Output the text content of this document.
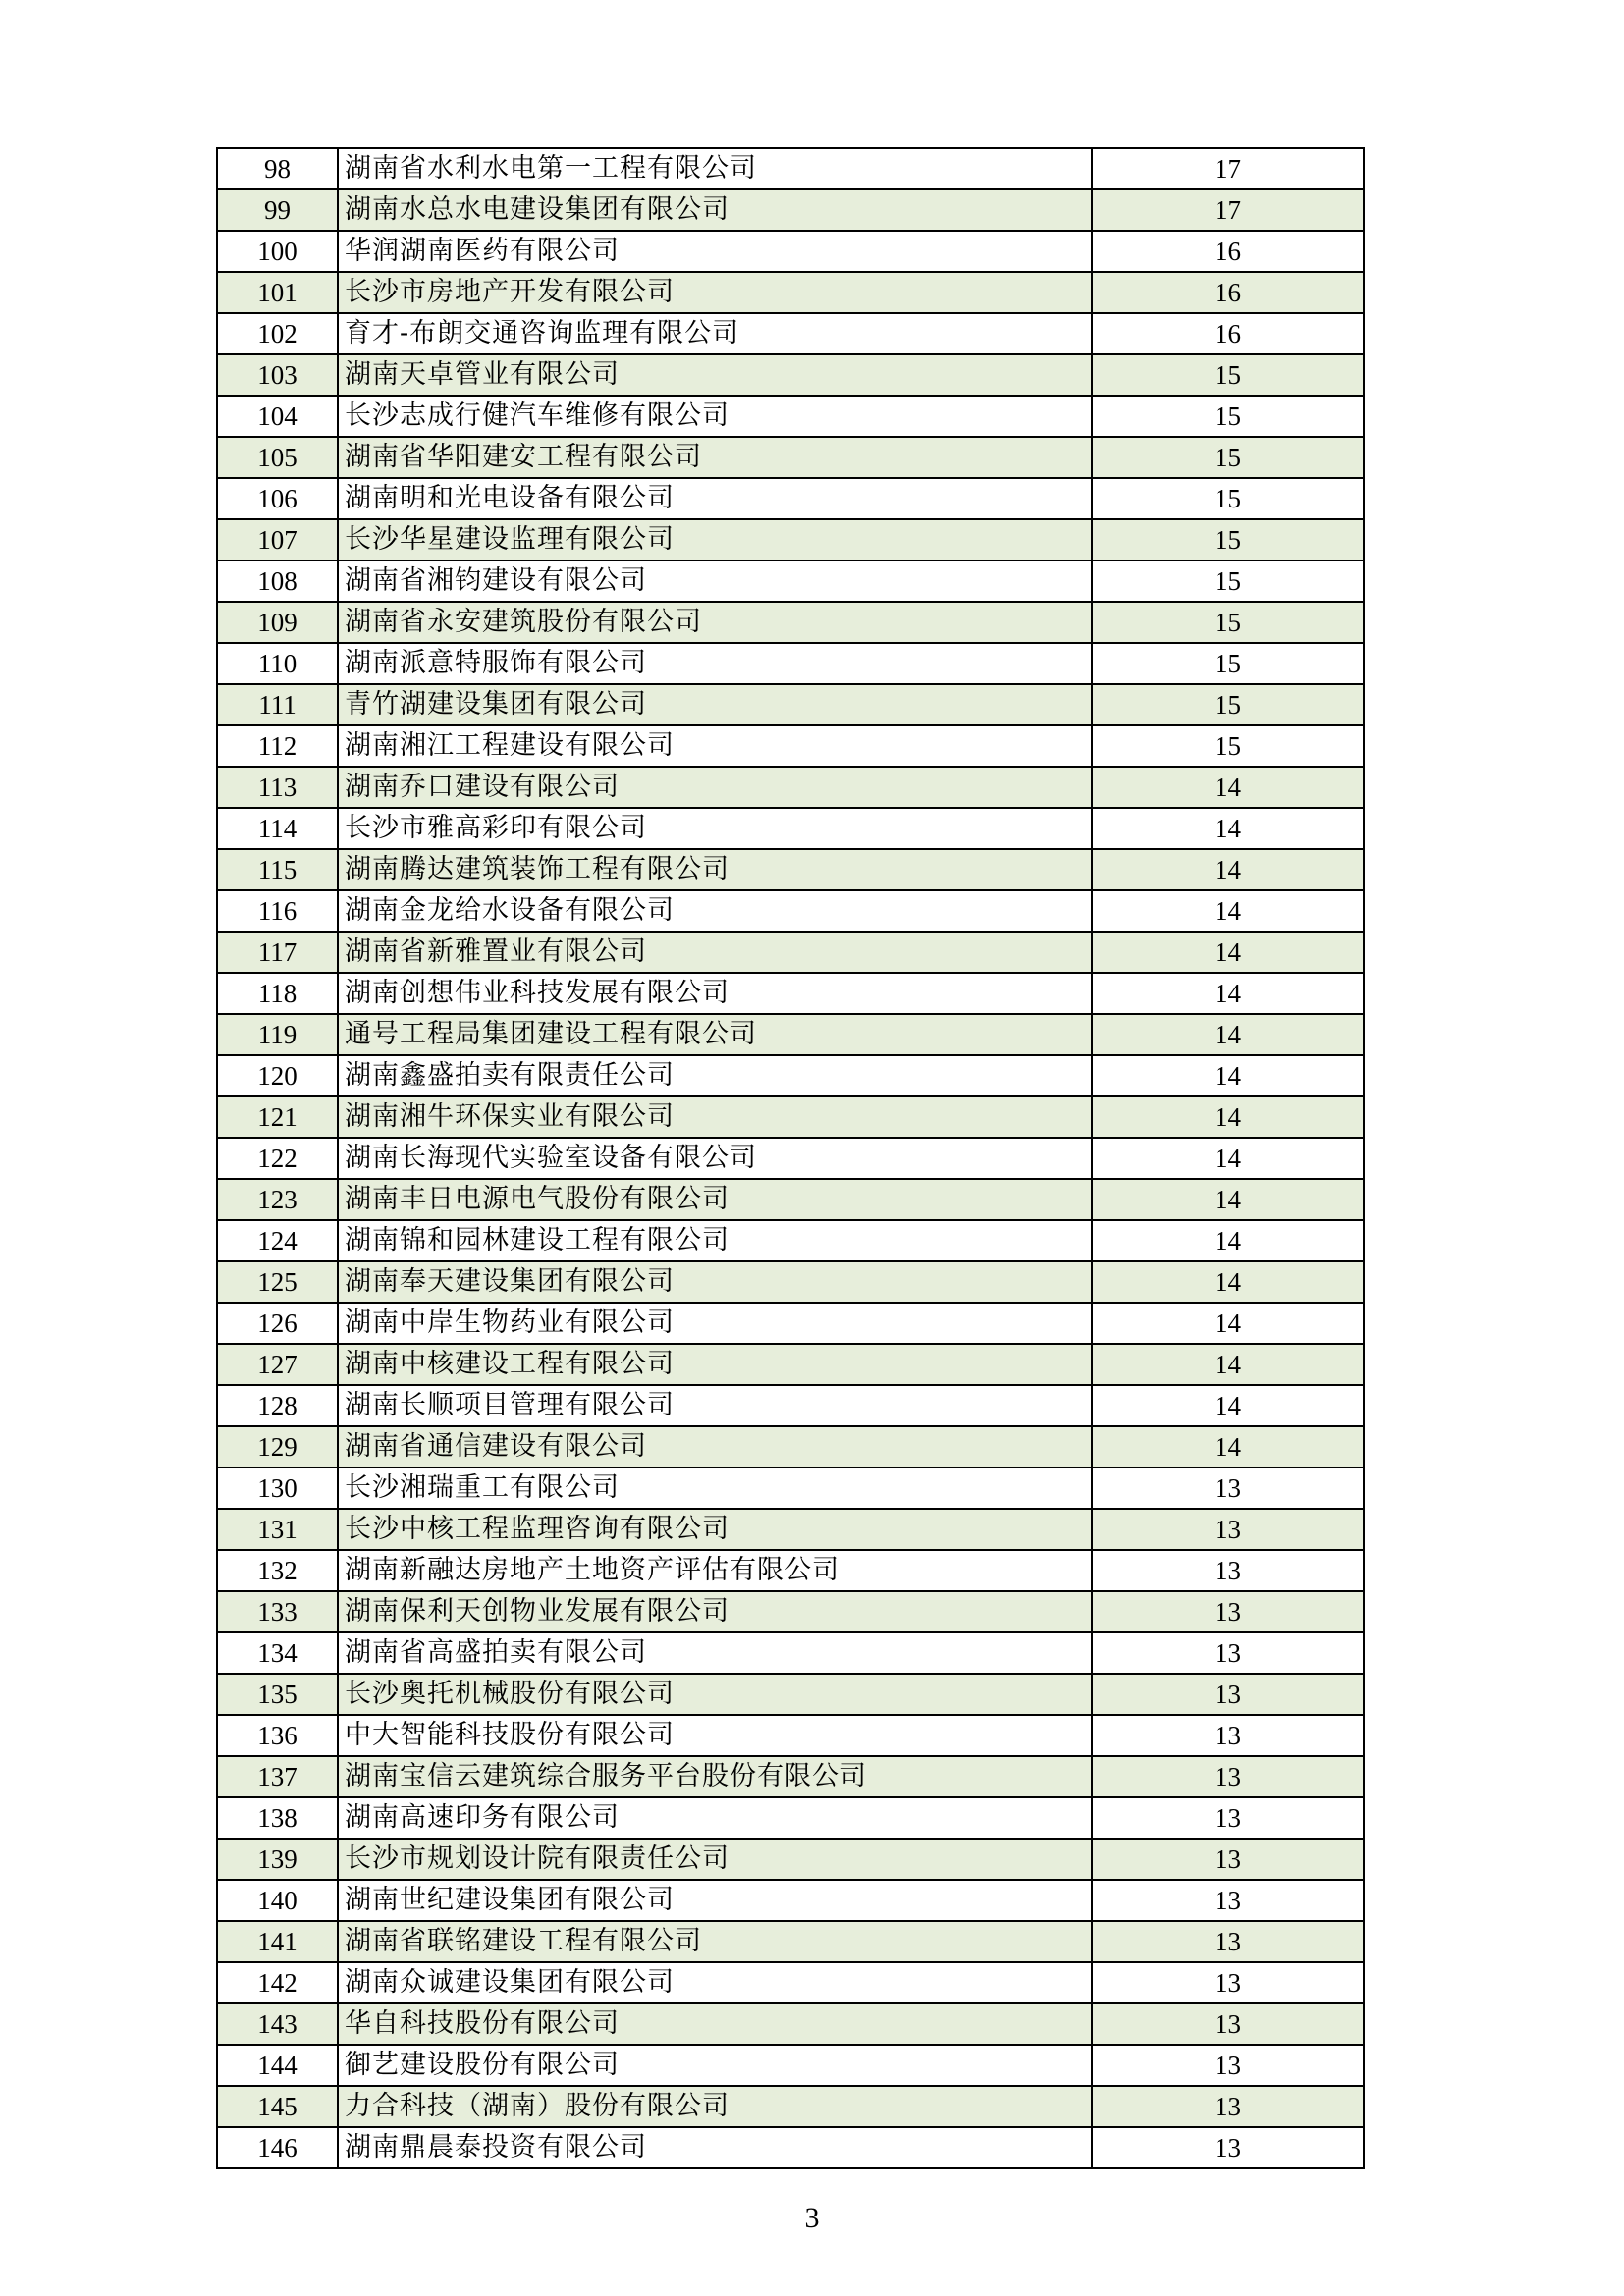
98	湖南省水利水电第一工程有限公司	17
99	湖南水总水电建设集团有限公司	17
100	华润湖南医药有限公司	16
101	长沙市房地产开发有限公司	16
102	育才-布朗交通咨询监理有限公司	16
103	湖南天卓管业有限公司	15
104	长沙志成行健汽车维修有限公司	15
105	湖南省华阳建安工程有限公司	15
106	湖南明和光电设备有限公司	15
107	长沙华星建设监理有限公司	15
108	湖南省湘钧建设有限公司	15
109	湖南省永安建筑股份有限公司	15
110	湖南派意特服饰有限公司	15
111	青竹湖建设集团有限公司	15
112	湖南湘江工程建设有限公司	15
113	湖南乔口建设有限公司	14
114	长沙市雅高彩印有限公司	14
115	湖南腾达建筑装饰工程有限公司	14
116	湖南金龙给水设备有限公司	14
117	湖南省新雅置业有限公司	14
118	湖南创想伟业科技发展有限公司	14
119	通号工程局集团建设工程有限公司	14
120	湖南鑫盛拍卖有限责任公司	14
121	湖南湘牛环保实业有限公司	14
122	湖南长海现代实验室设备有限公司	14
123	湖南丰日电源电气股份有限公司	14
124	湖南锦和园林建设工程有限公司	14
125	湖南奉天建设集团有限公司	14
126	湖南中岸生物药业有限公司	14
127	湖南中核建设工程有限公司	14
128	湖南长顺项目管理有限公司	14
129	湖南省通信建设有限公司	14
130	长沙湘瑞重工有限公司	13
131	长沙中核工程监理咨询有限公司	13
132	湖南新融达房地产土地资产评估有限公司	13
133	湖南保利天创物业发展有限公司	13
134	湖南省高盛拍卖有限公司	13
135	长沙奥托机械股份有限公司	13
136	中大智能科技股份有限公司	13
137	湖南宝信云建筑综合服务平台股份有限公司	13
138	湖南高速印务有限公司	13
139	长沙市规划设计院有限责任公司	13
140	湖南世纪建设集团有限公司	13
141	湖南省联铭建设工程有限公司	13
142	湖南众诚建设集团有限公司	13
143	华自科技股份有限公司	13
144	御艺建设股份有限公司	13
145	力合科技（湖南）股份有限公司	13
146	湖南鼎晨泰投资有限公司	13
3
